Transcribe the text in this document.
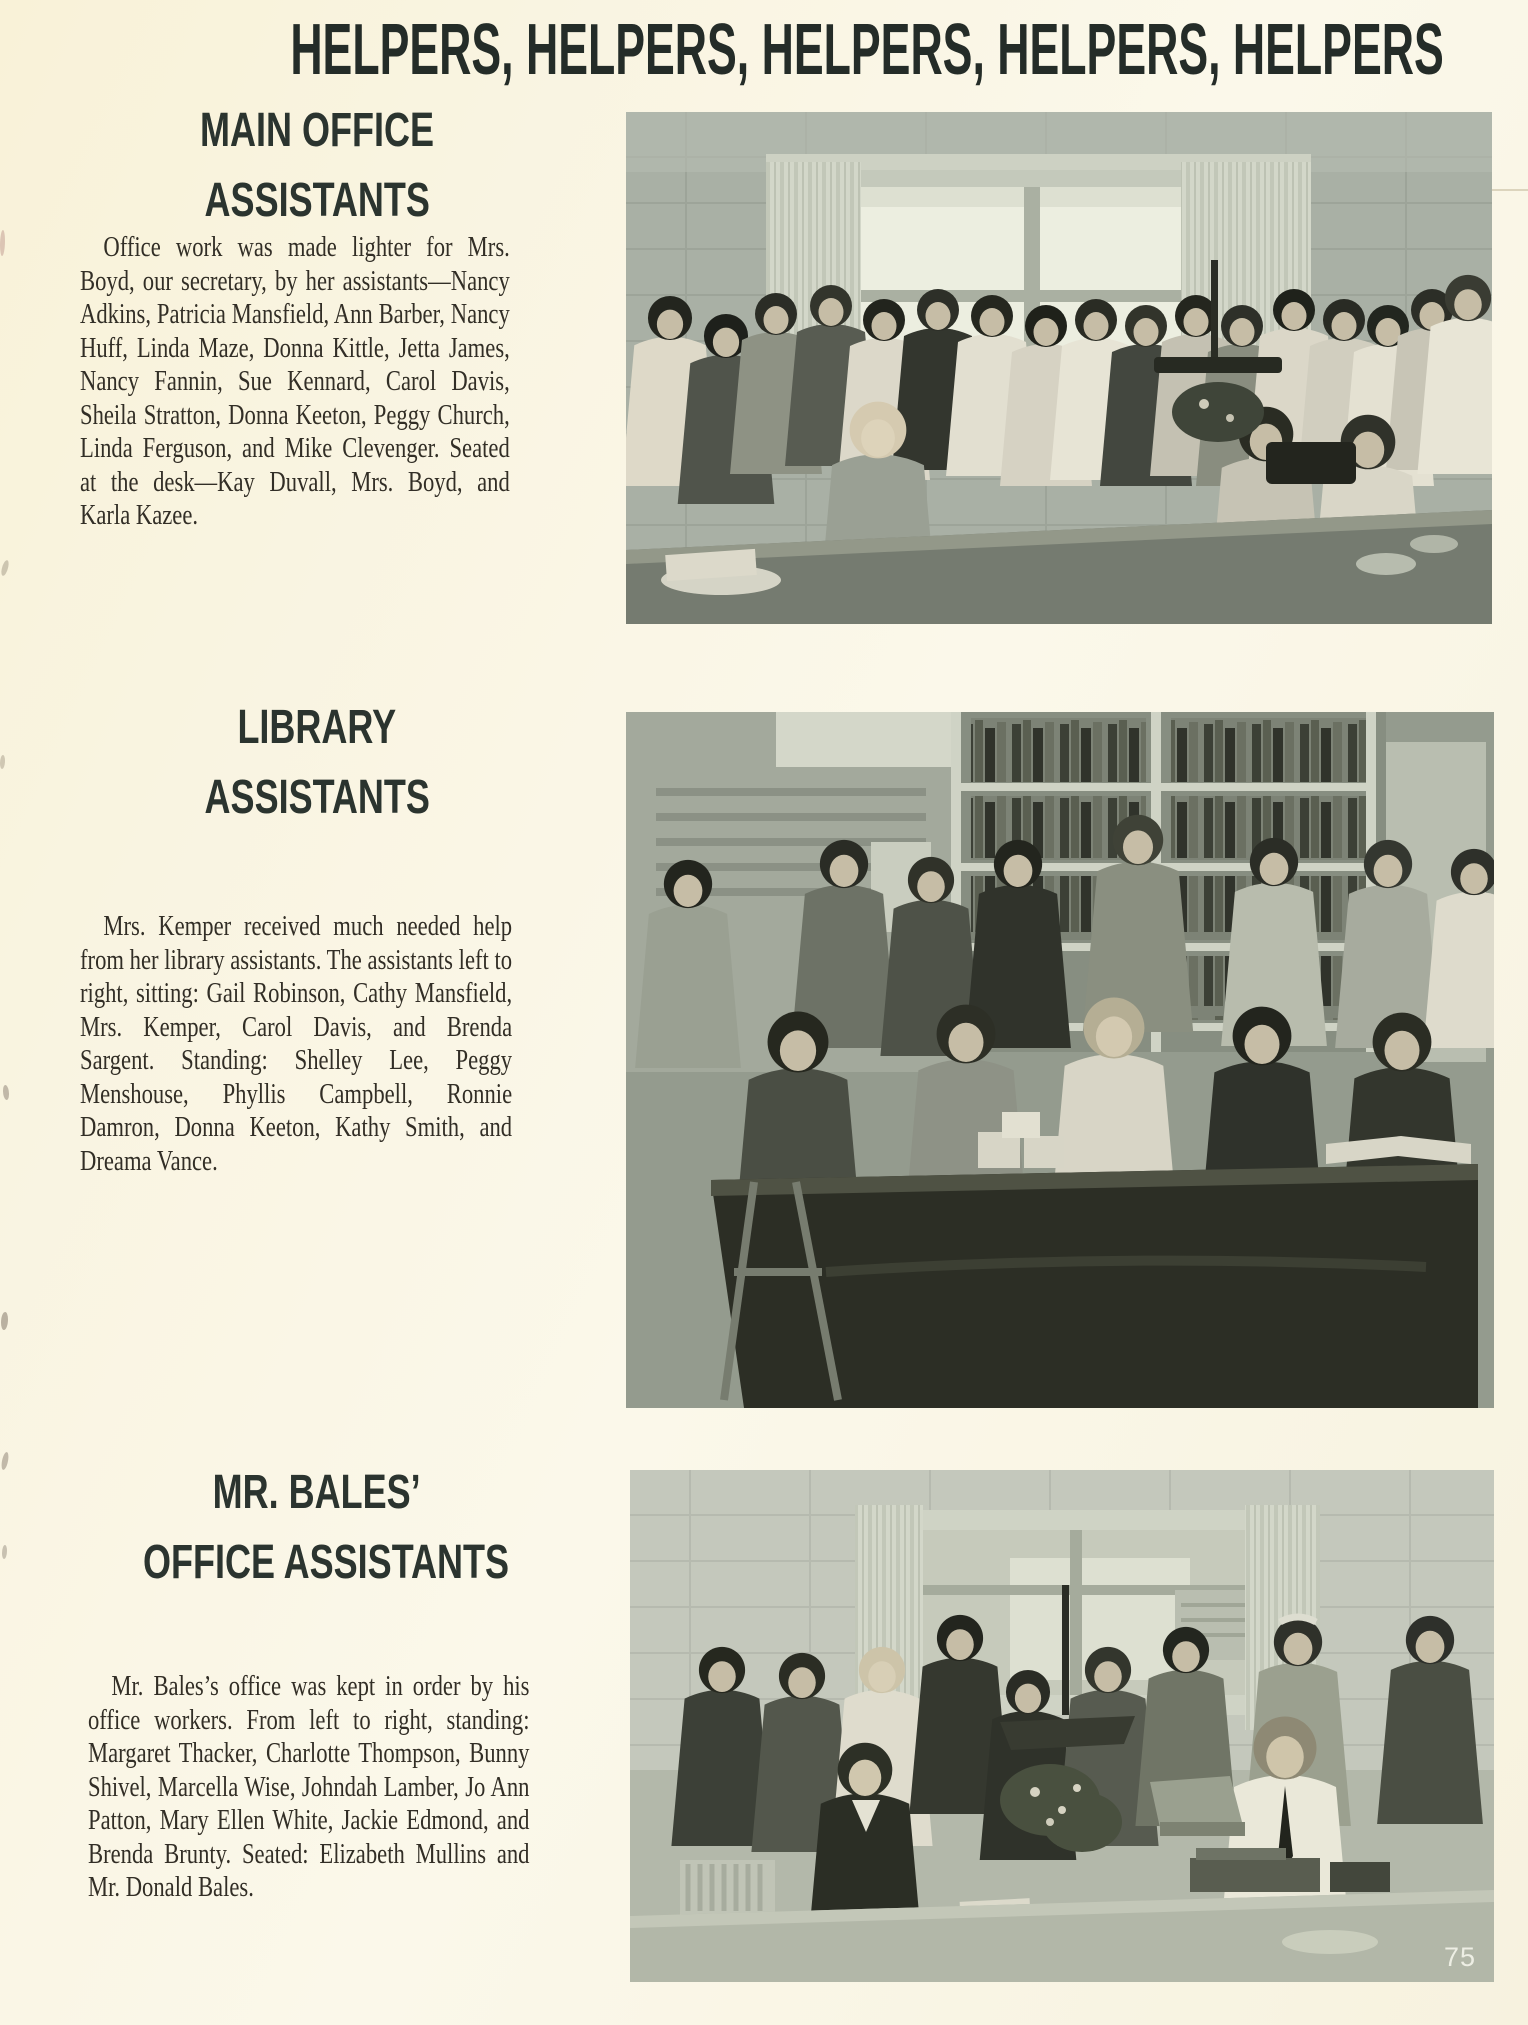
HELPERS, HELPERS, HELPERS, HELPERS, HELPERS
MAIN OFFICE
ASSISTANTS

Office work was made lighter for Mrs. Boyd, our secretary, by her assistants—Nancy Adkins, Patricia Mansfield, Ann Barber, Nancy Huff, Linda Maze, Donna Kittle, Jetta James, Nancy Fannin, Sue Kennard, Carol Davis, Sheila Stratton, Donna Keeton, Peggy Church, Linda Ferguson, and Mike Clevenger. Seated at the desk—Kay Duvall, Mrs. Boyd, and Karla Kazee.

LIBRARY
ASSISTANTS

Mrs. Kemper received much needed help from her library assistants. The assistants left to right, sitting: Gail Robinson, Cathy Mansfield, Mrs. Kemper, Carol Davis, and Brenda Sargent. Standing: Shelley Lee, Peggy Menshouse, Phyllis Campbell, Ronnie Damron, Donna Keeton, Kathy Smith, and Dreama Vance.

MR. BALES’
OFFICE ASSISTANTS

Mr. Bales’s office was kept in order by his office workers. From left to right, standing: Margaret Thacker, Charlotte Thompson, Bunny Shivel, Marcella Wise, Johndah Lamber, Jo Ann Patton, Mary Ellen White, Jackie Edmond, and Brenda Brunty. Seated: Elizabeth Mullins and Mr. Donald Bales.

75
